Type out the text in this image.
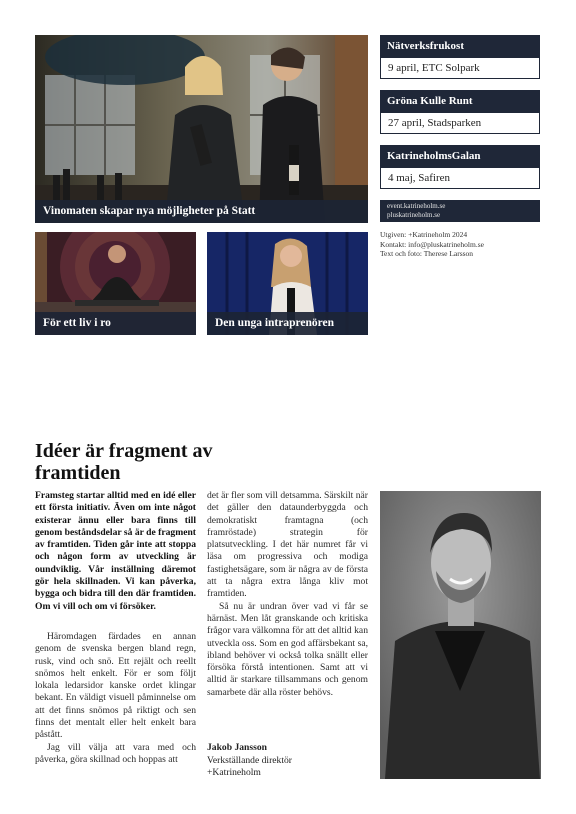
Vinomaten skapar nya möjligheter på Statt
För ett liv i ro	Den unga intraprenören
Nätverksfrukost
9 april, ETC Solpark
Gröna Kulle Runt
27 april, Stadsparken
KatrineholmsGalan
4 maj, Safiren
event.katrineholm.se
pluskatrineholm.se
Utgiven: +Katrineholm 2024
Kontakt: info@pluskatrineholm.se
Text och foto: Therese Larsson
Idéer är fragment av framtiden

Framsteg startar alltid med en idé eller ett första initiativ. Även om inte något existerar ännu eller bara finns till genom beståndsdelar så är de fragment av framtiden. Tiden går inte att stoppa och någon form av utveckling är oundviklig. Vår inställning däremot gör hela skillnaden. Vi kan påverka, bygga och bidra till den där framtiden. Om vi vill och om vi försöker.

Häromdagen färdades en annan genom de svenska bergen bland regn, rusk, vind och snö. Ett rejält och reellt snömos helt enkelt. För er som följt lokala ledarsidor kanske ordet klingar bekant. En väldigt visuell påminnelse om att det finns snömos på riktigt och sen finns det mentalt eller helt enkelt bara påstått.

Jag vill välja att vara med och påverka, göra skillnad och hoppas att

det är fler som vill detsamma. Särskilt när det gäller den dataunderbyggda och demokratiskt framtagna (och framröstade) strategin för platsutveckling. I det här numret får vi läsa om progressiva och modiga fastighetsägare, som är några av de första att ta några extra långa kliv mot framtiden.

Så nu är undran över vad vi får se härnäst. Men låt granskande och kritiska frågor vara välkomna för att det alltid kan utveckla oss. Som en god affärsbekant sa, ibland behöver vi också tolka snällt eller försöka förstå intentionen. Samt att vi alltid är starkare tillsammans och genom samarbete där alla röster behövs.

Jakob Jansson
Verkställande direktör
+Katrineholm
